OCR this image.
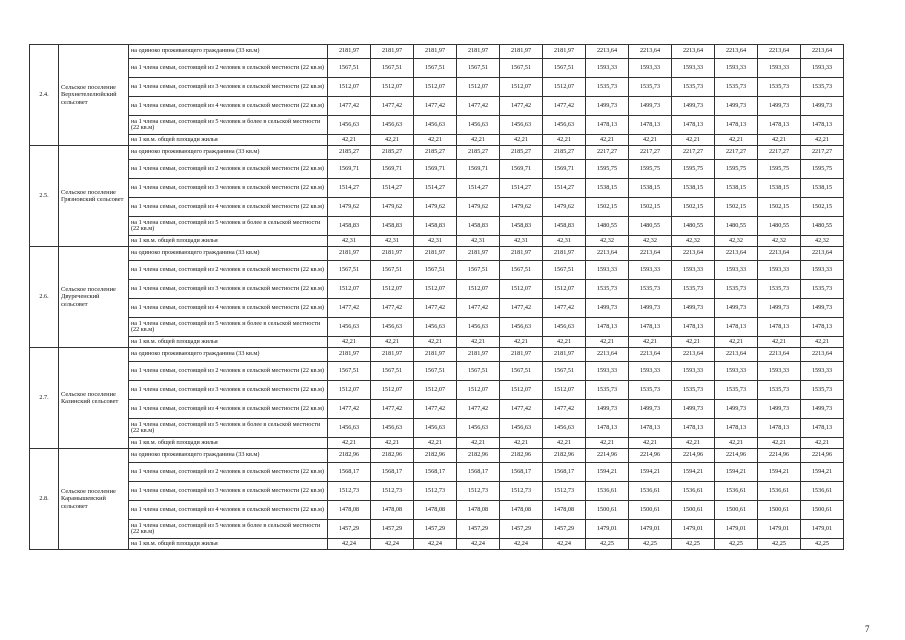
2.4.	Сельское поселение Верхнетелелюйский сельсовет	на одиноко проживающего гражданина (33 кв.м)	2181,97	2181,97	2181,97	2181,97	2181,97	2181,97	2213,64	2213,64	2213,64	2213,64	2213,64	2213,64
		на 1 члена семьи, состоящей из 2 человек в сельской местности (22 кв.м)	1567,51	1567,51	1567,51	1567,51	1567,51	1567,51	1593,33	1593,33	1593,33	1593,33	1593,33	1593,33
		на 1 члена семьи, состоящей из 3 человек в сельской местности (22 кв.м)	1512,07	1512,07	1512,07	1512,07	1512,07	1512,07	1535,73	1535,73	1535,73	1535,73	1535,73	1535,73
		на 1 члена семьи, состоящей из 4 человек в сельской местности (22 кв.м)	1477,42	1477,42	1477,42	1477,42	1477,42	1477,42	1499,73	1499,73	1499,73	1499,73	1499,73	1499,73
		на 1 члена семьи, состоящей из 5 человек и более в сельской местности (22 кв.м)	1456,63	1456,63	1456,63	1456,63	1456,63	1456,63	1478,13	1478,13	1478,13	1478,13	1478,13	1478,13
		на 1 кв.м. общей площади жилья	42,21	42,21	42,21	42,21	42,21	42,21	42,21	42,21	42,21	42,21	42,21	42,21
2.5.	Сельское поселение Грязновский сельсовет	на одиноко проживающего гражданина (33 кв.м)	2185,27	2185,27	2185,27	2185,27	2185,27	2185,27	2217,27	2217,27	2217,27	2217,27	2217,27	2217,27
		на 1 члена семьи, состоящей из 2 человек в сельской местности (22 кв.м)	1569,71	1569,71	1569,71	1569,71	1569,71	1569,71	1595,75	1595,75	1595,75	1595,75	1595,75	1595,75
		на 1 члена семьи, состоящей из 3 человек в сельской местности (22 кв.м)	1514,27	1514,27	1514,27	1514,27	1514,27	1514,27	1538,15	1538,15	1538,15	1538,15	1538,15	1538,15
		на 1 члена семьи, состоящей из 4 человек в сельской местности (22 кв.м)	1479,62	1479,62	1479,62	1479,62	1479,62	1479,62	1502,15	1502,15	1502,15	1502,15	1502,15	1502,15
		на 1 члена семьи, состоящей из 5 человек и более в сельской местности (22 кв.м)	1458,83	1458,83	1458,83	1458,83	1458,83	1458,83	1480,55	1480,55	1480,55	1480,55	1480,55	1480,55
		на 1 кв.м. общей площади жилья	42,31	42,31	42,31	42,31	42,31	42,31	42,32	42,32	42,32	42,32	42,32	42,32
2.6.	Сельское поселение Двуреченский сельсовет	на одиноко проживающего гражданина (33 кв.м)	2181,97	2181,97	2181,97	2181,97	2181,97	2181,97	2213,64	2213,64	2213,64	2213,64	2213,64	2213,64
		на 1 члена семьи, состоящей из 2 человек в сельской местности (22 кв.м)	1567,51	1567,51	1567,51	1567,51	1567,51	1567,51	1593,33	1593,33	1593,33	1593,33	1593,33	1593,33
		на 1 члена семьи, состоящей из 3 человек в сельской местности (22 кв.м)	1512,07	1512,07	1512,07	1512,07	1512,07	1512,07	1535,73	1535,73	1535,73	1535,73	1535,73	1535,73
		на 1 члена семьи, состоящей из 4 человек в сельской местности (22 кв.м)	1477,42	1477,42	1477,42	1477,42	1477,42	1477,42	1499,73	1499,73	1499,73	1499,73	1499,73	1499,73
		на 1 члена семьи, состоящей из 5 человек и более в сельской местности (22 кв.м)	1456,63	1456,63	1456,63	1456,63	1456,63	1456,63	1478,13	1478,13	1478,13	1478,13	1478,13	1478,13
		на 1 кв.м. общей площади жилья	42,21	42,21	42,21	42,21	42,21	42,21	42,21	42,21	42,21	42,21	42,21	42,21
2.7.	Сельское поселение Казинский сельсовет	на одиноко проживающего гражданина (33 кв.м)	2181,97	2181,97	2181,97	2181,97	2181,97	2181,97	2213,64	2213,64	2213,64	2213,64	2213,64	2213,64
		на 1 члена семьи, состоящей из 2 человек в сельской местности (22 кв.м)	1567,51	1567,51	1567,51	1567,51	1567,51	1567,51	1593,33	1593,33	1593,33	1593,33	1593,33	1593,33
		на 1 члена семьи, состоящей из 3 человек в сельской местности (22 кв.м)	1512,07	1512,07	1512,07	1512,07	1512,07	1512,07	1535,73	1535,73	1535,73	1535,73	1535,73	1535,73
		на 1 члена семьи, состоящей из 4 человек в сельской местности (22 кв.м)	1477,42	1477,42	1477,42	1477,42	1477,42	1477,42	1499,73	1499,73	1499,73	1499,73	1499,73	1499,73
		на 1 члена семьи, состоящей из 5 человек и более в сельской местности (22 кв.м)	1456,63	1456,63	1456,63	1456,63	1456,63	1456,63	1478,13	1478,13	1478,13	1478,13	1478,13	1478,13
		на 1 кв.м. общей площади жилья	42,21	42,21	42,21	42,21	42,21	42,21	42,21	42,21	42,21	42,21	42,21	42,21
2.8.	Сельское поселение Карамышевский сельсовет	на одиноко проживающего гражданина (33 кв.м)	2182,96	2182,96	2182,96	2182,96	2182,96	2182,96	2214,96	2214,96	2214,96	2214,96	2214,96	2214,96
		на 1 члена семьи, состоящей из 2 человек в сельской местности (22 кв.м)	1568,17	1568,17	1568,17	1568,17	1568,17	1568,17	1594,21	1594,21	1594,21	1594,21	1594,21	1594,21
		на 1 члена семьи, состоящей из 3 человек в сельской местности (22 кв.м)	1512,73	1512,73	1512,73	1512,73	1512,73	1512,73	1536,61	1536,61	1536,61	1536,61	1536,61	1536,61
		на 1 члена семьи, состоящей из 4 человек в сельской местности (22 кв.м)	1478,08	1478,08	1478,08	1478,08	1478,08	1478,08	1500,61	1500,61	1500,61	1500,61	1500,61	1500,61
		на 1 члена семьи, состоящей из 5 человек и более в сельской местности (22 кв.м)	1457,29	1457,29	1457,29	1457,29	1457,29	1457,29	1479,01	1479,01	1479,01	1479,01	1479,01	1479,01
		на 1 кв.м. общей площади жилья	42,24	42,24	42,24	42,24	42,24	42,24	42,25	42,25	42,25	42,25	42,25	42,25
7
